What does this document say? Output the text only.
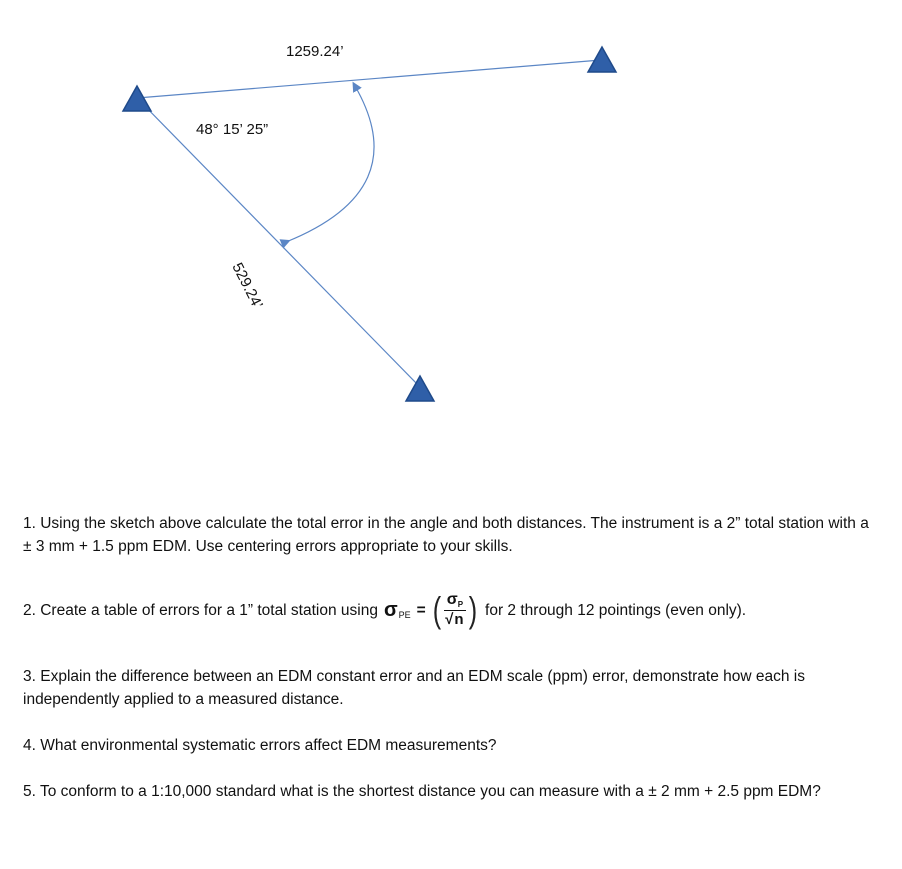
1259.24’
48° 15’ 25”
529.24’

1. Using the sketch above calculate the total error in the angle and both distances. The instrument is a 2” total station with a ± 3 mm + 1.5 ppm EDM. Use centering errors appropriate to your skills.

2. Create a table of errors for a 1” total station using σ PE = ( $\frac{\sigma P}{√n}$ ) for 2 through 12 pointings (even only).

3. Explain the difference between an EDM constant error and an EDM scale (ppm) error, demonstrate how each is independently applied to a measured distance.

4. What environmental systematic errors affect EDM measurements?

5. To conform to a 1:10,000 standard what is the shortest distance you can measure with a ± 2 mm + 2.5 ppm EDM?
